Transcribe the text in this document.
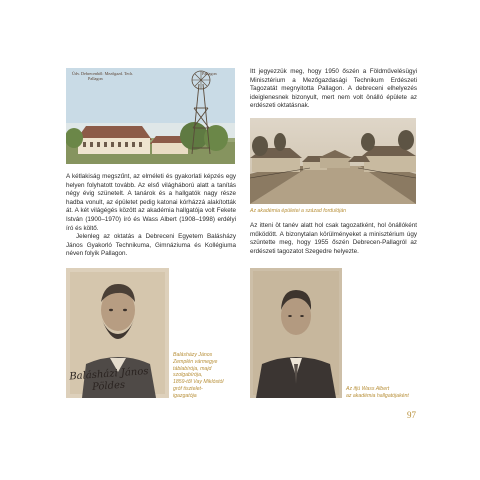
Üdv. Debrecenből: Mezőgazd. Tech.
Pallagon
Pallagon	Itt jegyezzük meg, hogy 1950 őszén a Földművelésügyi Minisztérium a Mezőgazdasági Technikum Erdészeti Tagozatát megnyitotta Pallagon. A debreceni elhelyezés ideiglenesnek bizonyult, mert nem volt önálló épülete az erdészeti oktatásnak.

Az akadémia épületei a század fordulóján

A kétlakiság megszűnt, az elméleti és gyakorlati képzés egy helyen folyhatott tovább. Az első világháború alatt a tanítás négy évig szünetelt. A tanárok és a hallgatók nagy része hadba vonult, az épületet pedig katonai kórházzá alakították át. A két világégés között az akadémia hallgatója volt Fekete István (1900–1970) író és Wass Albert (1908–1998) erdélyi író és költő.

Jelenleg az oktatás a Debreceni Egyetem Balásházy János Gyakorló Technikuma, Gimnáziuma és Kollégiuma néven folyik Pallagon.

Az itteni öt tanév alatt hol csak tagozatként, hol önállóként működött. A bizonytalan körülményeket a minisztérium úgy szüntette meg, hogy 1955 őszén Debrecen-Pallagról az erdészeti tagozatot Szegedre helyezte.

Balásházi János
Pöldes
Balásházy János
Zemplén vármegye
táblabírója, majd
szolgabírója,
1859-től Vay Miklóstól
gróf tisztelet-
igazgatója
Az ifjú Wass Albert
az akadémia hallgatójaként
97
